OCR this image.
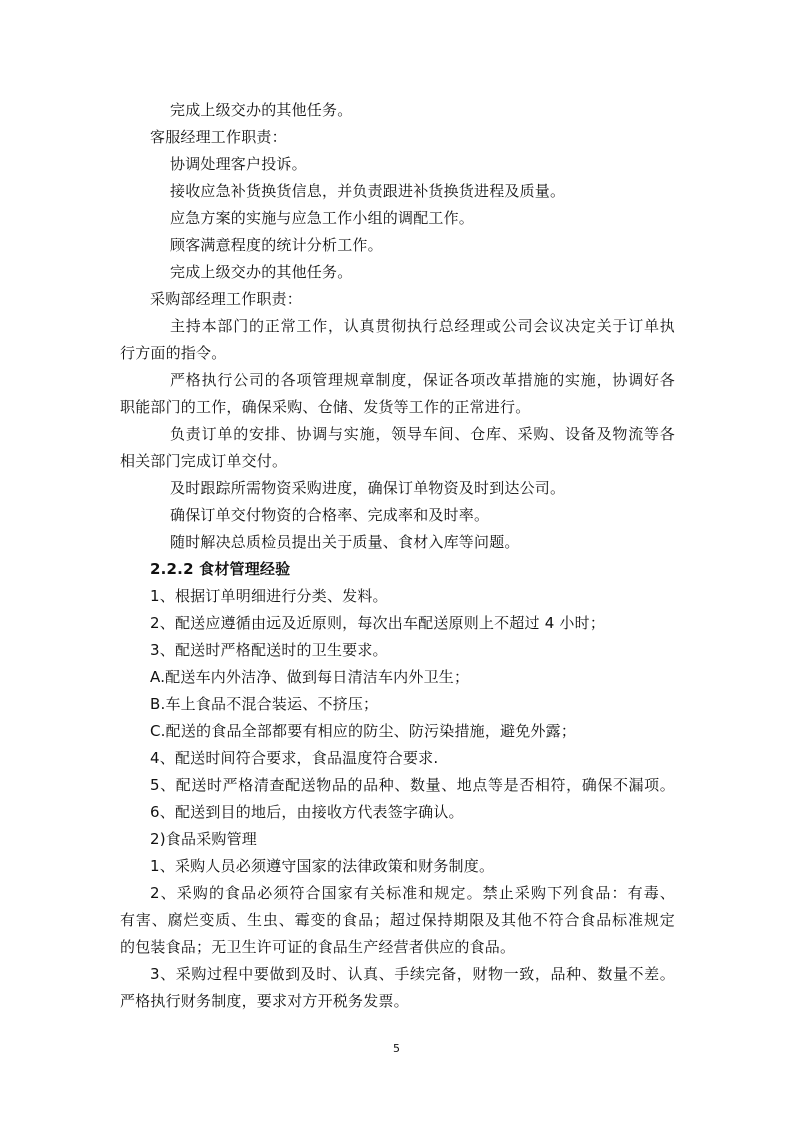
完成上级交办的其他任务。
客服经理工作职责：
协调处理客户投诉。
接收应急补货换货信息，并负责跟进补货换货进程及质量。
应急方案的实施与应急工作小组的调配工作。
顾客满意程度的统计分析工作。
完成上级交办的其他任务。
采购部经理工作职责：
主持本部门的正常工作，认真贯彻执行总经理或公司会议决定关于订单执
行方面的指令。
严格执行公司的各项管理规章制度，保证各项改革措施的实施，协调好各
职能部门的工作，确保采购、仓储、发货等工作的正常进行。
负责订单的安排、协调与实施，领导车间、仓库、采购、设备及物流等各
相关部门完成订单交付。
及时跟踪所需物资采购进度，确保订单物资及时到达公司。
确保订单交付物资的合格率、完成率和及时率。
随时解决总质检员提出关于质量、食材入库等问题。
2.2.2 食材管理经验
1、根据订单明细进行分类、发料。
2、配送应遵循由远及近原则，每次出车配送原则上不超过 4 小时；
3、配送时严格配送时的卫生要求。
A.配送车内外洁净、做到每日清洁车内外卫生；
B.车上食品不混合装运、不挤压；
C.配送的食品全部都要有相应的防尘、防污染措施，避免外露；
4、配送时间符合要求，食品温度符合要求.
5、配送时严格清查配送物品的品种、数量、地点等是否相符，确保不漏项。
6、配送到目的地后，由接收方代表签字确认。
2)食品采购管理
1、采购人员必须遵守国家的法律政策和财务制度。
2、采购的食品必须符合国家有关标准和规定。禁止采购下列食品：有毒、
有害、腐烂变质、生虫、霉变的食品；超过保持期限及其他不符合食品标准规定
的包装食品；无卫生许可证的食品生产经营者供应的食品。
3、采购过程中要做到及时、认真、手续完备，财物一致，品种、数量不差。
严格执行财务制度，要求对方开税务发票。
5
